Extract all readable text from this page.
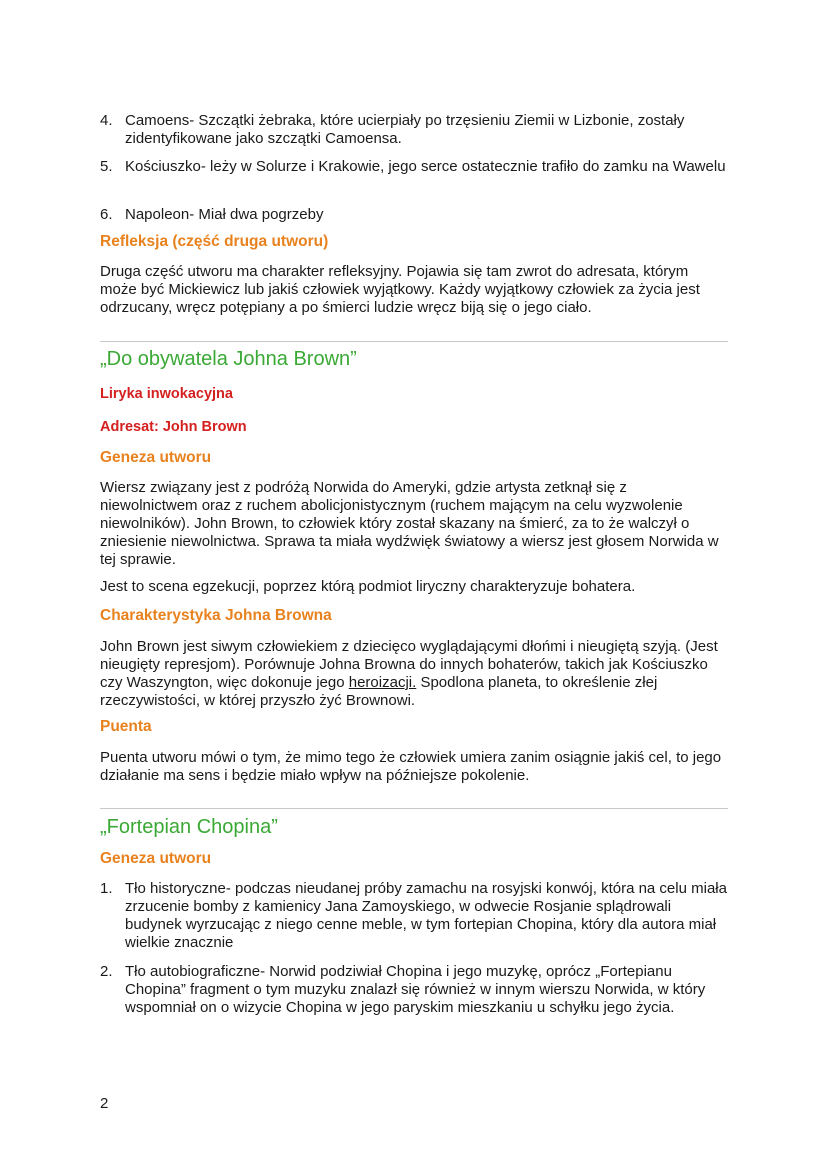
4. Camoens- Szczątki żebraka, które ucierpiały po trzęsieniu Ziemii w Lizbonie, zostały zidentyfikowane jako szczątki Camoensa.
5. Kościuszko- leży w Solurze i Krakowie, jego serce ostatecznie trafiło do zamku na Wawelu
6. Napoleon- Miał dwa pogrzeby
Refleksja (część druga utworu)
Druga część utworu ma charakter refleksyjny. Pojawia się tam zwrot do adresata, którym może być Mickiewicz lub jakiś człowiek wyjątkowy. Każdy wyjątkowy człowiek za życia jest odrzucany, wręcz potępiany a po śmierci ludzie wręcz biją się o jego ciało.
„Do obywatela Johna Brown”
Liryka inwokacyjna
Adresat: John Brown
Geneza utworu
Wiersz związany jest z podróżą Norwida do Ameryki, gdzie artysta zetknął się z niewolnictwem oraz z ruchem abolicjonistycznym (ruchem mającym na celu wyzwolenie niewolników). John Brown, to człowiek który został skazany na śmierć, za to że walczył o zniesienie niewolnictwa. Sprawa ta miała wydźwięk światowy a wiersz jest głosem Norwida w tej sprawie.
Jest to scena egzekucji, poprzez którą podmiot liryczny charakteryzuje bohatera.
Charakterystyka Johna Browna
John Brown jest siwym człowiekiem z dziecięco wyglądającymi dłońmi i nieugiętą szyją. (Jest nieugięty represjom). Porównuje Johna Browna do innych bohaterów, takich jak Kościuszko czy Waszyngton, więc dokonuje jego heroizacji. Spodlona planeta, to określenie złej rzeczywistości, w której przyszło żyć Brownowi.
Puenta
Puenta utworu mówi o tym, że mimo tego że człowiek umiera zanim osiągnie jakiś cel, to jego działanie ma sens i będzie miało wpływ na późniejsze pokolenie.
„Fortepian Chopina”
Geneza utworu
1. Tło historyczne- podczas nieudanej próby zamachu na rosyjski konwój, która na celu miała zrzucenie bomby z kamienicy Jana Zamoyskiego, w odwecie Rosjanie splądrowali budynek wyrzucając z niego cenne meble, w tym fortepian Chopina, który dla autora miał wielkie znacznie
2. Tło autobiograficzne- Norwid podziwiał Chopina i jego muzykę, oprócz „Fortepianu Chopina” fragment o tym muzyku znalazł się również w innym wierszu Norwida, w który wspomniał on o wizycie Chopina w jego paryskim mieszkaniu u schyłku jego życia.
2
